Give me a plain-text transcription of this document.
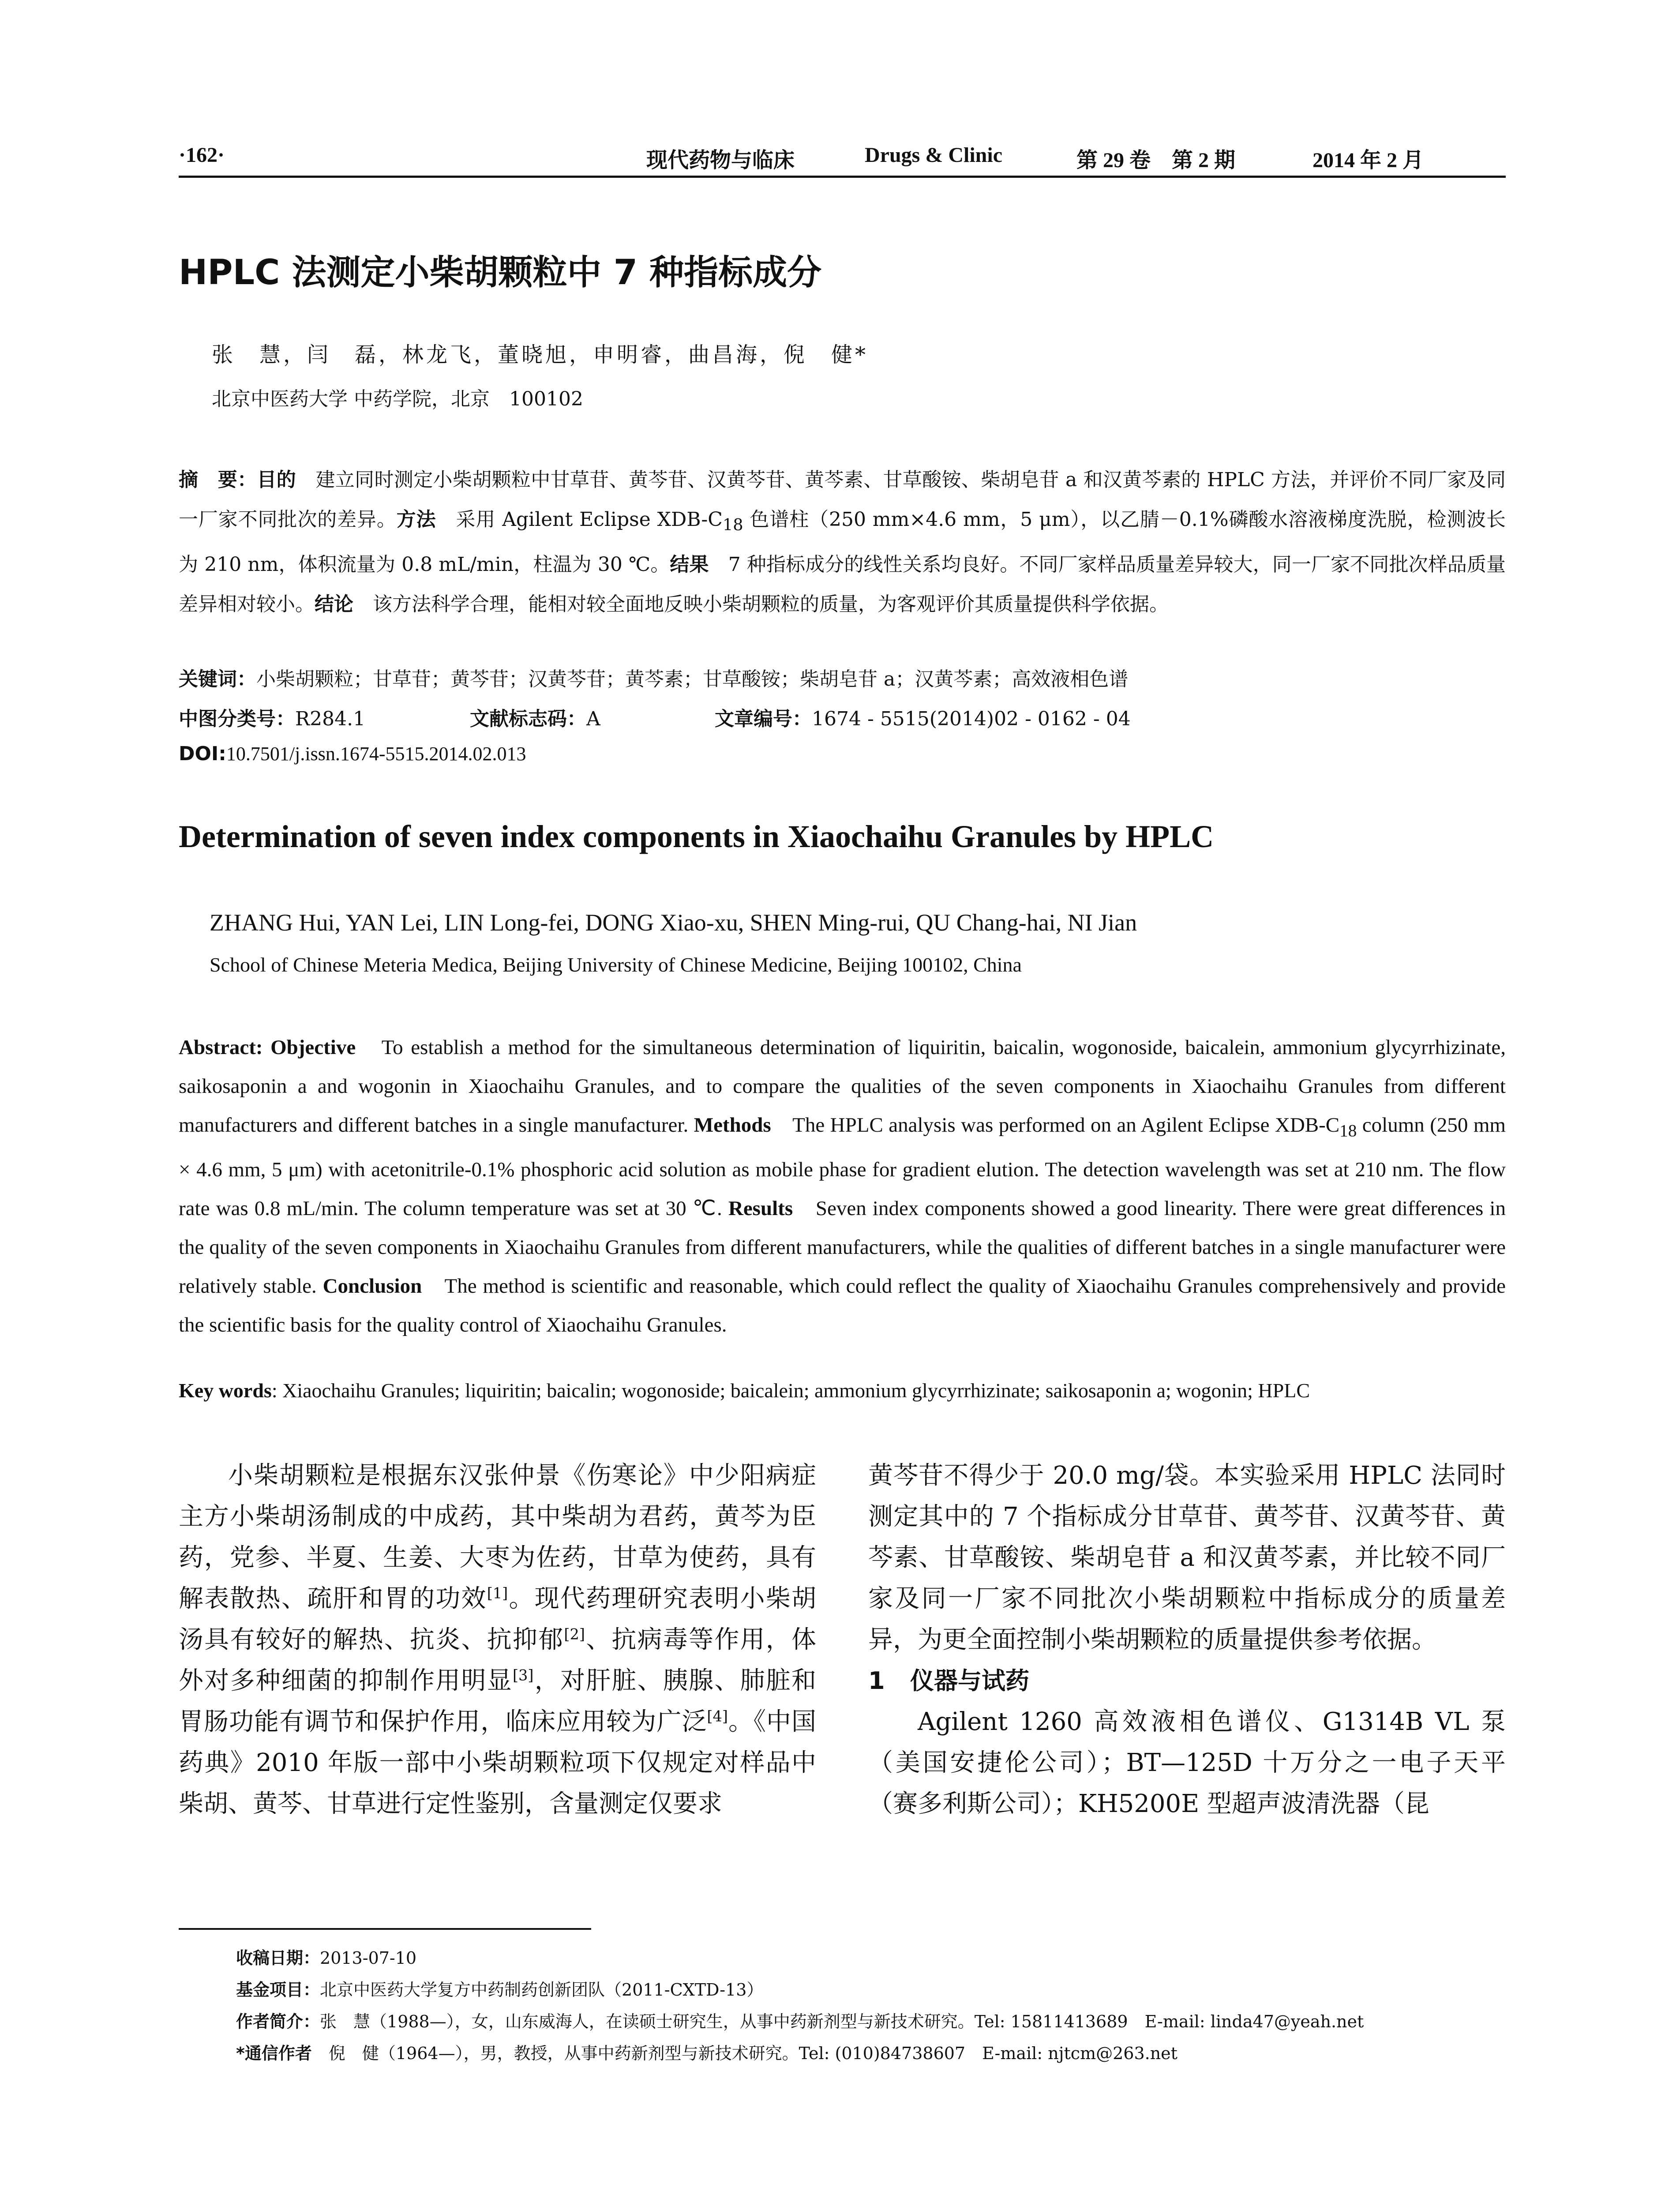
·162·	现代药物与临床	Drugs & Clinic	第 29 卷　第 2 期	2014 年 2 月
HPLC 法测定小柴胡颗粒中 7 种指标成分
张　慧，闫　磊，林龙飞，董晓旭，申明睿，曲昌海，倪　健*
北京中医药大学 中药学院，北京　100102
摘　要：目的　建立同时测定小柴胡颗粒中甘草苷、黄芩苷、汉黄芩苷、黄芩素、甘草酸铵、柴胡皂苷 a 和汉黄芩素的 HPLC 方法，并评价不同厂家及同一厂家不同批次的差异。方法　采用 Agilent Eclipse XDB-$C_{18}$ 色谱柱（250 mm×4.6 mm，5 μm），以乙腈－0.1%磷酸水溶液梯度洗脱，检测波长为 210 nm，体积流量为 0.8 mL/min，柱温为 30 ℃。结果　7 种指标成分的线性关系均良好。不同厂家样品质量差异较大，同一厂家不同批次样品质量差异相对较小。结论　该方法科学合理，能相对较全面地反映小柴胡颗粒的质量，为客观评价其质量提供科学依据。
关键词：小柴胡颗粒；甘草苷；黄芩苷；汉黄芩苷；黄芩素；甘草酸铵；柴胡皂苷 a；汉黄芩素；高效液相色谱
中图分类号：R284.1	文献标志码：A	文章编号：1674 - 5515(2014)02 - 0162 - 04
DOI:10.7501/j.issn.1674-5515.2014.02.013
Determination of seven index components in Xiaochaihu Granules by HPLC
ZHANG Hui, YAN Lei, LIN Long-fei, DONG Xiao-xu, SHEN Ming-rui, QU Chang-hai, NI Jian
School of Chinese Meteria Medica, Beijing University of Chinese Medicine, Beijing 100102, China
Abstract: Objective　To establish a method for the simultaneous determination of liquiritin, baicalin, wogonoside, baicalein, ammonium glycyrrhizinate, saikosaponin a and wogonin in Xiaochaihu Granules, and to compare the qualities of the seven components in Xiaochaihu Granules from different manufacturers and different batches in a single manufacturer. Methods　The HPLC analysis was performed on an Agilent Eclipse XDB-$C_{18}$ column (250 mm × 4.6 mm, 5 μm) with acetonitrile-0.1% phosphoric acid solution as mobile phase for gradient elution. The detection wavelength was set at 210 nm. The flow rate was 0.8 mL/min. The column temperature was set at 30 ℃. Results　Seven index components showed a good linearity. There were great differences in the quality of the seven components in Xiaochaihu Granules from different manufacturers, while the qualities of different batches in a single manufacturer were relatively stable. Conclusion　The method is scientific and reasonable, which could reflect the quality of Xiaochaihu Granules comprehensively and provide the scientific basis for the quality control of Xiaochaihu Granules.
Key words: Xiaochaihu Granules; liquiritin; baicalin; wogonoside; baicalein; ammonium glycyrrhizinate; saikosaponin a; wogonin; HPLC

小柴胡颗粒是根据东汉张仲景《伤寒论》中少阳病症主方小柴胡汤制成的中成药，其中柴胡为君药，黄芩为臣药，党参、半夏、生姜、大枣为佐药，甘草为使药，具有解表散热、疏肝和胃的功效[1]。现代药理研究表明小柴胡汤具有较好的解热、抗炎、抗抑郁[2]、抗病毒等作用，体外对多种细菌的抑制作用明显[3]，对肝脏、胰腺、肺脏和胃肠功能有调节和保护作用，临床应用较为广泛[4]。《中国药典》2010 年版一部中小柴胡颗粒项下仅规定对样品中柴胡、黄芩、甘草进行定性鉴别，含量测定仅要求

黄芩苷不得少于 20.0 mg/袋。本实验采用 HPLC 法同时测定其中的 7 个指标成分甘草苷、黄芩苷、汉黄芩苷、黄芩素、甘草酸铵、柴胡皂苷 a 和汉黄芩素，并比较不同厂家及同一厂家不同批次小柴胡颗粒中指标成分的质量差异，为更全面控制小柴胡颗粒的质量提供参考依据。

1 仪器与试药

Agilent 1260 高效液相色谱仪、G1314B VL 泵（美国安捷伦公司）；BT—125D 十万分之一电子天平（赛多利斯公司）；KH5200E 型超声波清洗器（昆

收稿日期：2013-07-10
基金项目：北京中医药大学复方中药制药创新团队（2011-CXTD-13）
作者简介：张　慧（1988—），女，山东威海人，在读硕士研究生，从事中药新剂型与新技术研究。Tel: 15811413689　E-mail: linda47@yeah.net
*通信作者　倪　健（1964—），男，教授，从事中药新剂型与新技术研究。Tel: (010)84738607　E-mail: njtcm@263.net
